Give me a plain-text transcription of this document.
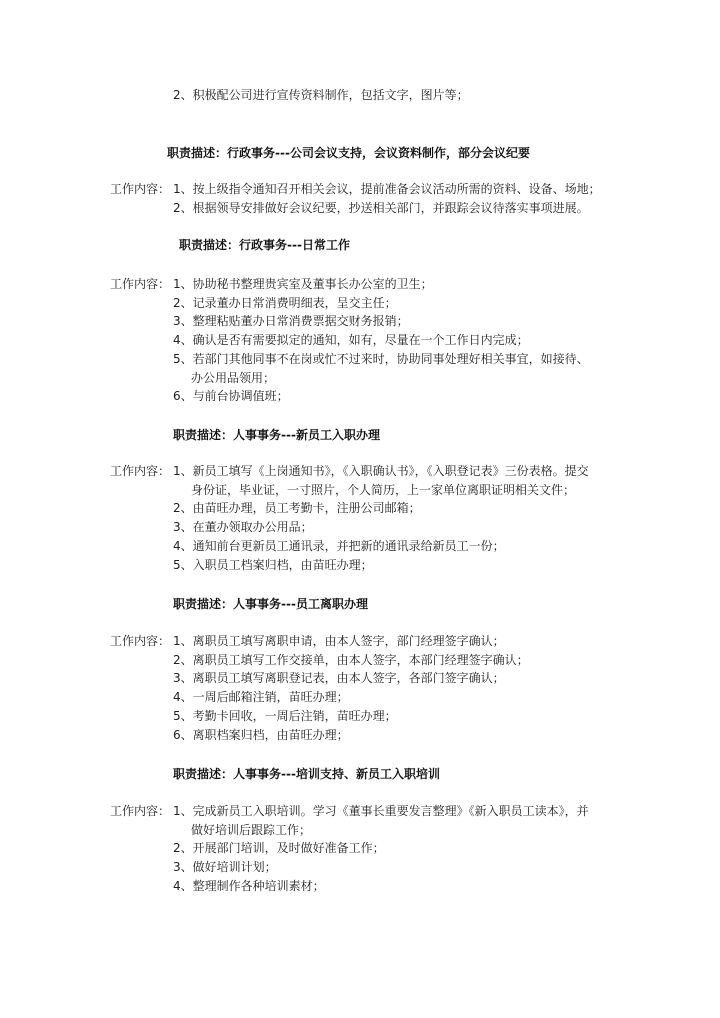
2、积极配公司进行宣传资料制作，包括文字，图片等；
职责描述：行政事务---公司会议支持，会议资料制作，部分会议纪要
工作内容： 1、按上级指令通知召开相关会议，提前准备会议活动所需的资料、设备、场地；
2、根据领导安排做好会议纪要，抄送相关部门，并跟踪会议待落实事项进展。
职责描述：行政事务---日常工作
工作内容： 1、协助秘书整理贵宾室及董事长办公室的卫生；
2、记录董办日常消费明细表，呈交主任；
3、整理粘贴董办日常消费票据交财务报销；
4、确认是否有需要拟定的通知，如有，尽量在一个工作日内完成；
5、若部门其他同事不在岗或忙不过来时，协助同事处理好相关事宜，如接待、
办公用品领用；
6、与前台协调值班；
职责描述：人事事务---新员工入职办理
工作内容： 1、新员工填写《上岗通知书》，《入职确认书》，《入职登记表》三份表格。提交
身份证，毕业证，一寸照片，个人简历，上一家单位离职证明相关文件；
2、由苗旺办理，员工考勤卡，注册公司邮箱；
3、在董办领取办公用品；
4、通知前台更新员工通讯录，并把新的通讯录给新员工一份；
5、入职员工档案归档，由苗旺办理；
职责描述：人事事务---员工离职办理
工作内容： 1、离职员工填写离职申请，由本人签字，部门经理签字确认；
2、离职员工填写工作交接单，由本人签字，本部门经理签字确认；
3、离职员工填写离职登记表，由本人签字，各部门签字确认；
4、一周后邮箱注销，苗旺办理；
5、考勤卡回收，一周后注销，苗旺办理；
6、离职档案归档，由苗旺办理；
职责描述：人事事务---培训支持、新员工入职培训
工作内容： 1、完成新员工入职培训。学习《董事长重要发言整理》《新入职员工读本》，并
做好培训后跟踪工作；
2、开展部门培训，及时做好准备工作；
3、做好培训计划；
4、整理制作各种培训素材；
